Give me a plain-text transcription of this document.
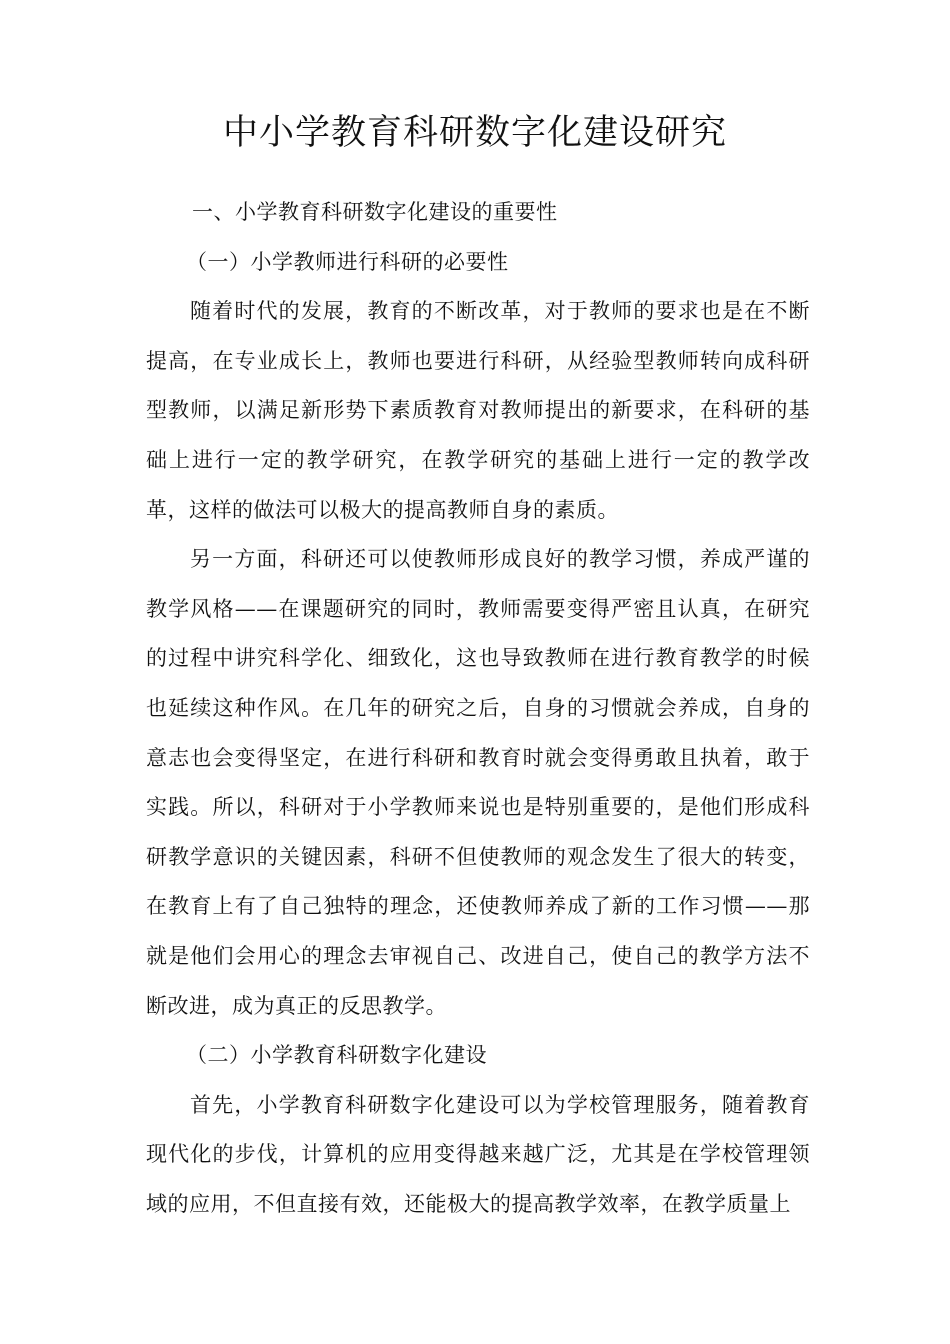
中小学教育科研数字化建设研究

一、小学教育科研数字化建设的重要性

（一）小学教师进行科研的必要性

随着时代的发展，教育的不断改革，对于教师的要求也是在不断提高，在专业成长上，教师也要进行科研，从经验型教师转向成科研型教师，以满足新形势下素质教育对教师提出的新要求，在科研的基础上进行一定的教学研究，在教学研究的基础上进行一定的教学改革，这样的做法可以极大的提高教师自身的素质。

另一方面，科研还可以使教师形成良好的教学习惯，养成严谨的教学风格——在课题研究的同时，教师需要变得严密且认真，在研究的过程中讲究科学化、细致化，这也导致教师在进行教育教学的时候也延续这种作风。在几年的研究之后，自身的习惯就会养成，自身的意志也会变得坚定，在进行科研和教育时就会变得勇敢且执着，敢于实践。所以，科研对于小学教师来说也是特别重要的，是他们形成科研教学意识的关键因素，科研不但使教师的观念发生了很大的转变，在教育上有了自己独特的理念，还使教师养成了新的工作习惯——那就是他们会用心的理念去审视自己、改进自己，使自己的教学方法不断改进，成为真正的反思教学。

（二）小学教育科研数字化建设

首先，小学教育科研数字化建设可以为学校管理服务，随着教育现代化的步伐，计算机的应用变得越来越广泛，尤其是在学校管理领域的应用，不但直接有效，还能极大的提高教学效率，在教学质量上
